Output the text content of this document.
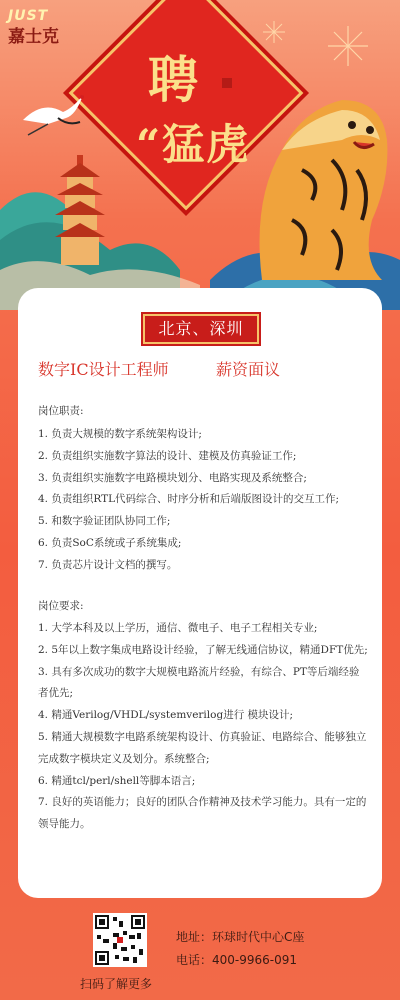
JUST
嘉士克
聘
“猛虎
北京、深圳
数字IC设计工程师	薪资面议
岗位职责:
1. 负责大规模的数字系统架构设计;
2. 负责组织实施数字算法的设计、建模及仿真验证工作;
3. 负责组织实施数字电路模块划分、电路实现及系统整合;
4. 负责组织RTL代码综合、时序分析和后端版图设计的交互工作;
5. 和数字验证团队协同工作;
6. 负责SoC系统或子系统集成;
7. 负责芯片设计文档的撰写。
岗位要求:
1. 大学本科及以上学历，通信、微电子、电子工程相关专业;
2. 5年以上数字集成电路设计经验，了解无线通信协议，精通DFT优先;
3. 具有多次成功的数字大规模电路流片经验，有综合、PT等后端经验者优先;
4. 精通Verilog/VHDL/systemverilog进行 模块设计;
5. 精通大规模数字电路系统架构设计、仿真验证、电路综合、能够独立完成数字模块定义及划分。系统整合;
6. 精通tcl/perl/shell等脚本语言;
7. 良好的英语能力；良好的团队合作精神及技术学习能力。具有一定的领导能力。
扫码了解更多
地址：环球时代中心C座
电话：400-9966-091
